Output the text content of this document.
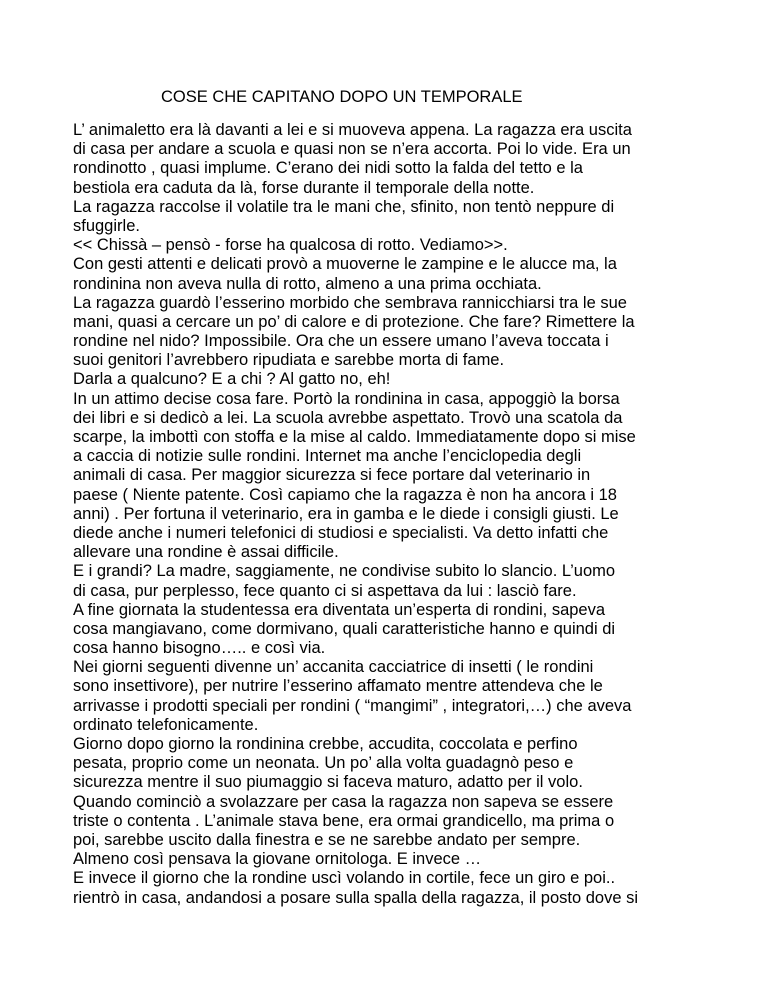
COSE CHE CAPITANO DOPO UN TEMPORALE
L’ animaletto era là davanti a lei e si muoveva appena. La ragazza era uscita
di casa per andare a scuola e quasi non se n’era accorta. Poi lo vide. Era un
rondinotto , quasi implume. C’erano dei nidi sotto la falda del tetto e la
bestiola era caduta da là, forse durante il temporale della notte.
La ragazza raccolse il volatile tra le mani che, sfinito, non tentò neppure di
sfuggirle.
<< Chissà – pensò - forse ha qualcosa di rotto. Vediamo>>.
Con gesti attenti e delicati provò a muoverne le zampine e le alucce ma, la
rondinina non aveva nulla di rotto, almeno a una prima occhiata.
La ragazza guardò l’esserino morbido che sembrava rannicchiarsi tra le sue
mani, quasi a cercare un po’ di calore e di protezione. Che fare? Rimettere la
rondine nel nido? Impossibile. Ora che un essere umano l’aveva toccata i
suoi genitori l’avrebbero ripudiata e sarebbe morta di fame.
Darla a qualcuno? E a chi ? Al gatto no, eh!
In un attimo decise cosa fare. Portò la rondinina in casa, appoggiò la borsa
dei libri e si dedicò a lei. La scuola avrebbe aspettato. Trovò una scatola da
scarpe, la imbottì con stoffa e la mise al caldo. Immediatamente dopo si mise
a caccia di notizie sulle rondini. Internet ma anche l’enciclopedia degli
animali di casa. Per maggior sicurezza si fece portare dal veterinario in
paese ( Niente patente. Così capiamo che la ragazza è non ha ancora i 18
anni) . Per fortuna il veterinario, era in gamba e le diede i consigli giusti. Le
diede anche i numeri telefonici di studiosi e specialisti. Va detto infatti che
allevare una rondine è assai difficile.
E i grandi? La madre, saggiamente, ne condivise subito lo slancio. L’uomo
di casa, pur perplesso, fece quanto ci si aspettava da lui : lasciò fare.
A fine giornata la studentessa era diventata un’esperta di rondini, sapeva
cosa mangiavano, come dormivano, quali caratteristiche hanno e quindi di
cosa hanno bisogno….. e così via.
Nei giorni seguenti divenne un’ accanita cacciatrice di insetti ( le rondini
sono insettivore), per nutrire l’esserino affamato mentre attendeva che le
arrivasse i prodotti speciali per rondini ( “mangimi” , integratori,…) che aveva
ordinato telefonicamente.
Giorno dopo giorno la rondinina crebbe, accudita, coccolata e perfino
pesata, proprio come un neonata. Un po’ alla volta guadagnò peso e
sicurezza mentre il suo piumaggio si faceva maturo, adatto per il volo.
Quando cominciò a svolazzare per casa la ragazza non sapeva se essere
triste o contenta . L’animale stava bene, era ormai grandicello, ma prima o
poi, sarebbe uscito dalla finestra e se ne sarebbe andato per sempre.
Almeno così pensava la giovane ornitologa. E invece …
E invece il giorno che la rondine uscì volando in cortile, fece un giro e poi..
rientrò in casa, andandosi a posare sulla spalla della ragazza, il posto dove si
